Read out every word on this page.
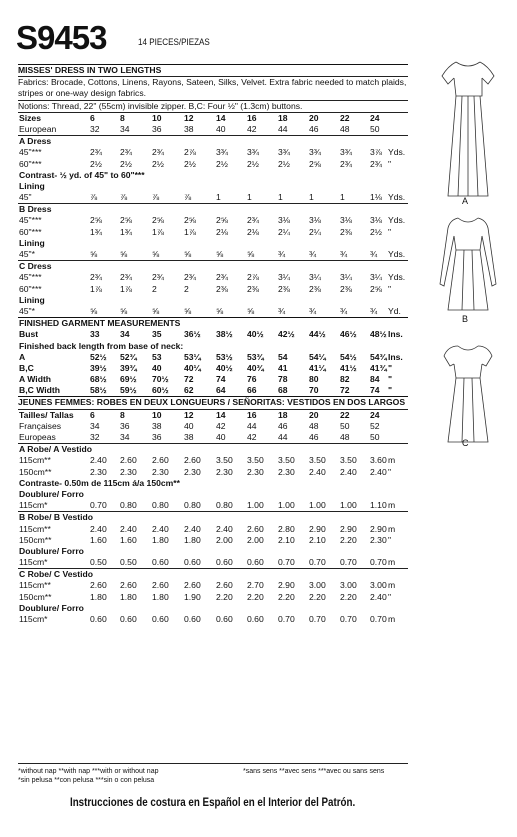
S9453	14 PIECES/PIEZAS
MISSES' DRESS IN TWO LENGTHS
Fabrics: Brocade, Cottons, Linens, Rayons, Sateen, Silks, Velvet. Extra fabric needed to match plaids, stripes or one-way design fabrics.
Notions: Thread, 22" (55cm) invisible zipper. B,C: Four ½" (1.3cm) buttons.
Sizes	6	8	10	12	14 16 18 20 22 24
European	32 34	36	38	40 42 44 46 48 50
A Dress
45"***	2¾ 2¾ 2¾ 2⅞ 3¾ 3¾ 3¾ 3¾ 3¾ 3⅞ Yds.
60"***	2½ 2½ 2½ 2½ 2½ 2½ 2½ 2⅝ 2¾ 2¾ "
Contrast- ½ yd. of 45" to 60"***
Lining
45"	⅞	⅞	⅞	⅞	1	1	1	1	1	1⅛ Yds.
B Dress
45"***	2⅝ 2⅝ 2⅝ 2⅝ 2⅝ 2¾ 3⅛ 3⅛ 3⅛ 3⅛ Yds.
60"***	1¾ 1¾ 1⅞ 1⅞ 2⅛ 2⅛ 2¼ 2¼ 2⅜ 2½ "
Lining
45"*	⅝	⅝	⅝	⅝	⅝	⅝	¾	¾	¾	¾ Yds.
C Dress
45"***	2¾ 2¾ 2¾ 2¾ 2¾ 2⅞ 3¼ 3¼ 3¼ 3¼ Yds.
60"***	1⅞ 1⅞ 2	2	2⅜ 2⅜ 2⅜ 2⅜ 2⅜ 2⅝ "
Lining
45"*	⅝	⅝	⅝	⅝	⅝	⅝	¾	¾	¾	¾ Yd.
FINISHED GARMENT MEASUREMENTS
Bust	33 34	35	36½ 38½ 40½ 42½ 44½ 46½ 48½ Ins.
Finished back length from base of neck:
A	52½ 52¾ 53	53¼ 53½ 53¾ 54 54¼ 54½ 54¾ Ins.
B,C	39½ 39¾ 40	40¼ 40½ 40¾ 41 41¼ 41½ 41¾ "
A Width	68½ 69½ 70½ 72	74 76 78 80 82 84 "
B,C Width	58½ 59½ 60½ 62	64 66 68 70 72 74 "
JEUNES FEMMES: ROBES EN DEUX LONGUEURS / SEÑORITAS: VESTIDOS EN DOS LARGOS
Tailles/ Tallas 6	8	10	12	14 16 18 20 22 24
Françaises	34 36	38	40	42 44 46 48 50 52
Europeas	32 34	36	38	40 42 44 46 48 50
A Robe/ A Vestido
115cm**	2.40 2.60 2.60 2.60 3.50 3.50 3.50 3.50 3.50 3.60 m
150cm**	2.30 2.30 2.30 2.30 2.30 2.30 2.30 2.40 2.40 2.40 "
Contraste- 0.50m de 115cm á/a 150cm**
Doublure/ Forro
115cm*	0.70 0.80 0.80 0.80 0.80 1.00 1.00 1.00 1.00 1.10 m
B Robe/ B Vestido
115cm**	2.40 2.40 2.40 2.40 2.40 2.60 2.80 2.90 2.90 2.90 m
150cm**	1.60 1.60 1.80 1.80 2.00 2.00 2.10 2.10 2.20 2.30 "
Doublure/ Forro
115cm*	0.50 0.50 0.60 0.60 0.60 0.60 0.70 0.70 0.70 0.70 m
C Robe/ C Vestido
115cm**	2.60 2.60 2.60 2.60 2.60 2.70 2.90 3.00 3.00 3.00 m
150cm**	1.80 1.80 1.80 1.90 2.20 2.20 2.20 2.20 2.20 2.40 "
Doublure/ Forro
115cm*	0.60 0.60 0.60 0.60 0.60 0.60 0.70 0.70 0.70 0.70 m
A
B
C
*without nap **with nap ***with or without nap	*sans sens **avec sens ***avec ou sans sens
*sin pelusa **con pelusa ***sin o con pelusa
Instrucciones de costura en Español en el Interior del Patrón.
